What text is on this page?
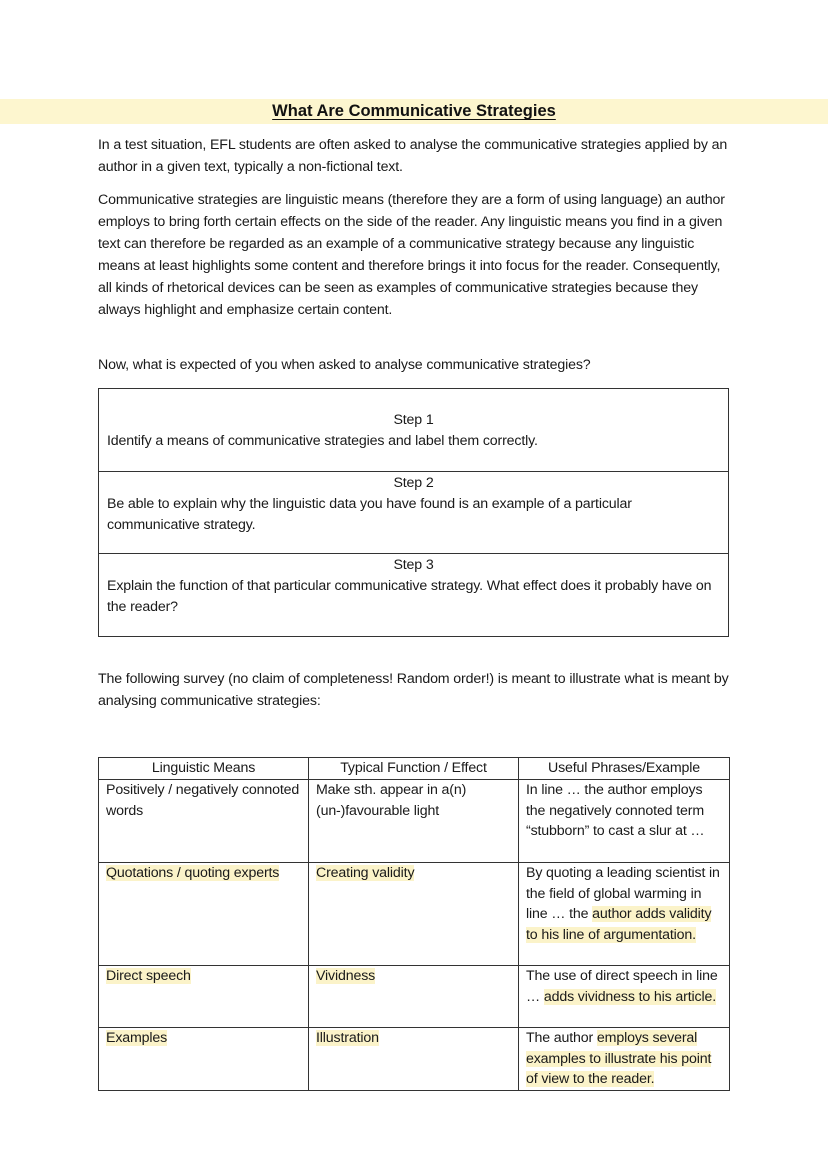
What Are Communicative Strategies

In a test situation, EFL students are often asked to analyse the communicative strategies applied by an author in a given text, typically a non-fictional text.

Communicative strategies are linguistic means (therefore they are a form of using language) an author employs to bring forth certain effects on the side of the reader. Any linguistic means you find in a given text can therefore be regarded as an example of a communicative strategy because any linguistic means at least highlights some content and therefore brings it into focus for the reader. Consequently, all kinds of rhetorical devices can be seen as examples of communicative strategies because they always highlight and emphasize certain content.

Now, what is expected of you when asked to analyse communicative strategies?

Step 1
Identify a means of communicative strategies and label them correctly.
Step 2
Be able to explain why the linguistic data you have found is an example of a particular communicative strategy.
Step 3
Explain the function of that particular communicative strategy. What effect does it probably have on the reader?

The following survey (no claim of completeness! Random order!) is meant to illustrate what is meant by analysing communicative strategies:

Linguistic Means	Typical Function / Effect	Useful Phrases/Example
Positively / negatively connoted words	Make sth. appear in a(n) (un-)favourable light	In line … the author employs the negatively connoted term “stubborn” to cast a slur at …
Quotations / quoting experts	Creating validity	By quoting a leading scientist in the field of global warming in line … the author adds validity to his line of argumentation.
Direct speech	Vividness	The use of direct speech in line … adds vividness to his article.
Examples	Illustration	The author employs several examples to illustrate his point of view to the reader.
